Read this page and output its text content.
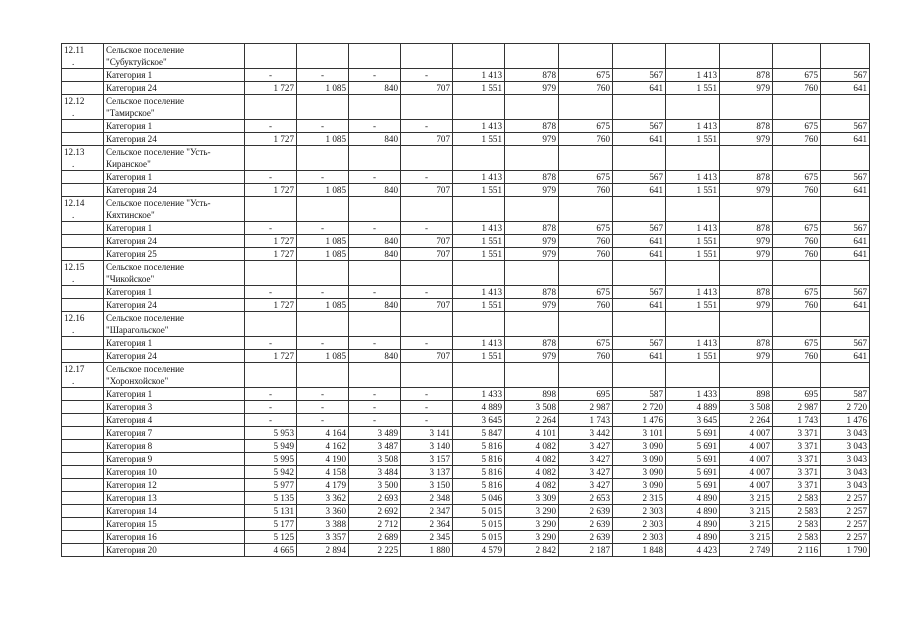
12.11
.	Сельское поселение
"Субуктуйское"												

	Категория 1	-	-	-	-	1 413	878	675	567	1 413	878	675	567
	Категория 24	1 727	1 085	840	707	1 551	979	760	641	1 551	979	760	641

12.12
.	Сельское поселение
"Тамирское"												

	Категория 1	-	-	-	-	1 413	878	675	567	1 413	878	675	567
	Категория 24	1 727	1 085	840	707	1 551	979	760	641	1 551	979	760	641

12.13
.	Сельское поселение "Усть-
Киранское"												

	Категория 1	-	-	-	-	1 413	878	675	567	1 413	878	675	567
	Категория 24	1 727	1 085	840	707	1 551	979	760	641	1 551	979	760	641

12.14
.	Сельское поселение "Усть-
Кяхтинское"												

	Категория 1	-	-	-	-	1 413	878	675	567	1 413	878	675	567
	Категория 24	1 727	1 085	840	707	1 551	979	760	641	1 551	979	760	641
	Категория 25	1 727	1 085	840	707	1 551	979	760	641	1 551	979	760	641

12.15
.	Сельское поселение
"Чикойское"												

	Категория 1	-	-	-	-	1 413	878	675	567	1 413	878	675	567
	Категория 24	1 727	1 085	840	707	1 551	979	760	641	1 551	979	760	641

12.16
.	Сельское поселение
"Шарагольское"												

	Категория 1	-	-	-	-	1 413	878	675	567	1 413	878	675	567
	Категория 24	1 727	1 085	840	707	1 551	979	760	641	1 551	979	760	641

12.17
.	Сельское поселение
"Хоронхойское"												

	Категория 1	-	-	-	-	1 433	898	695	587	1 433	898	695	587
	Категория 3	-	-	-	-	4 889	3 508	2 987	2 720	4 889	3 508	2 987	2 720
	Категория 4	-	-	-	-	3 645	2 264	1 743	1 476	3 645	2 264	1 743	1 476
	Категория 7	5 953	4 164	3 489	3 141	5 847	4 101	3 442	3 101	5 691	4 007	3 371	3 043
	Категория 8	5 949	4 162	3 487	3 140	5 816	4 082	3 427	3 090	5 691	4 007	3 371	3 043
	Категория 9	5 995	4 190	3 508	3 157	5 816	4 082	3 427	3 090	5 691	4 007	3 371	3 043
	Категория 10	5 942	4 158	3 484	3 137	5 816	4 082	3 427	3 090	5 691	4 007	3 371	3 043
	Категория 12	5 977	4 179	3 500	3 150	5 816	4 082	3 427	3 090	5 691	4 007	3 371	3 043
	Категория 13	5 135	3 362	2 693	2 348	5 046	3 309	2 653	2 315	4 890	3 215	2 583	2 257
	Категория 14	5 131	3 360	2 692	2 347	5 015	3 290	2 639	2 303	4 890	3 215	2 583	2 257
	Категория 15	5 177	3 388	2 712	2 364	5 015	3 290	2 639	2 303	4 890	3 215	2 583	2 257
	Категория 16	5 125	3 357	2 689	2 345	5 015	3 290	2 639	2 303	4 890	3 215	2 583	2 257
	Категория 20	4 665	2 894	2 225	1 880	4 579	2 842	2 187	1 848	4 423	2 749	2 116	1 790
